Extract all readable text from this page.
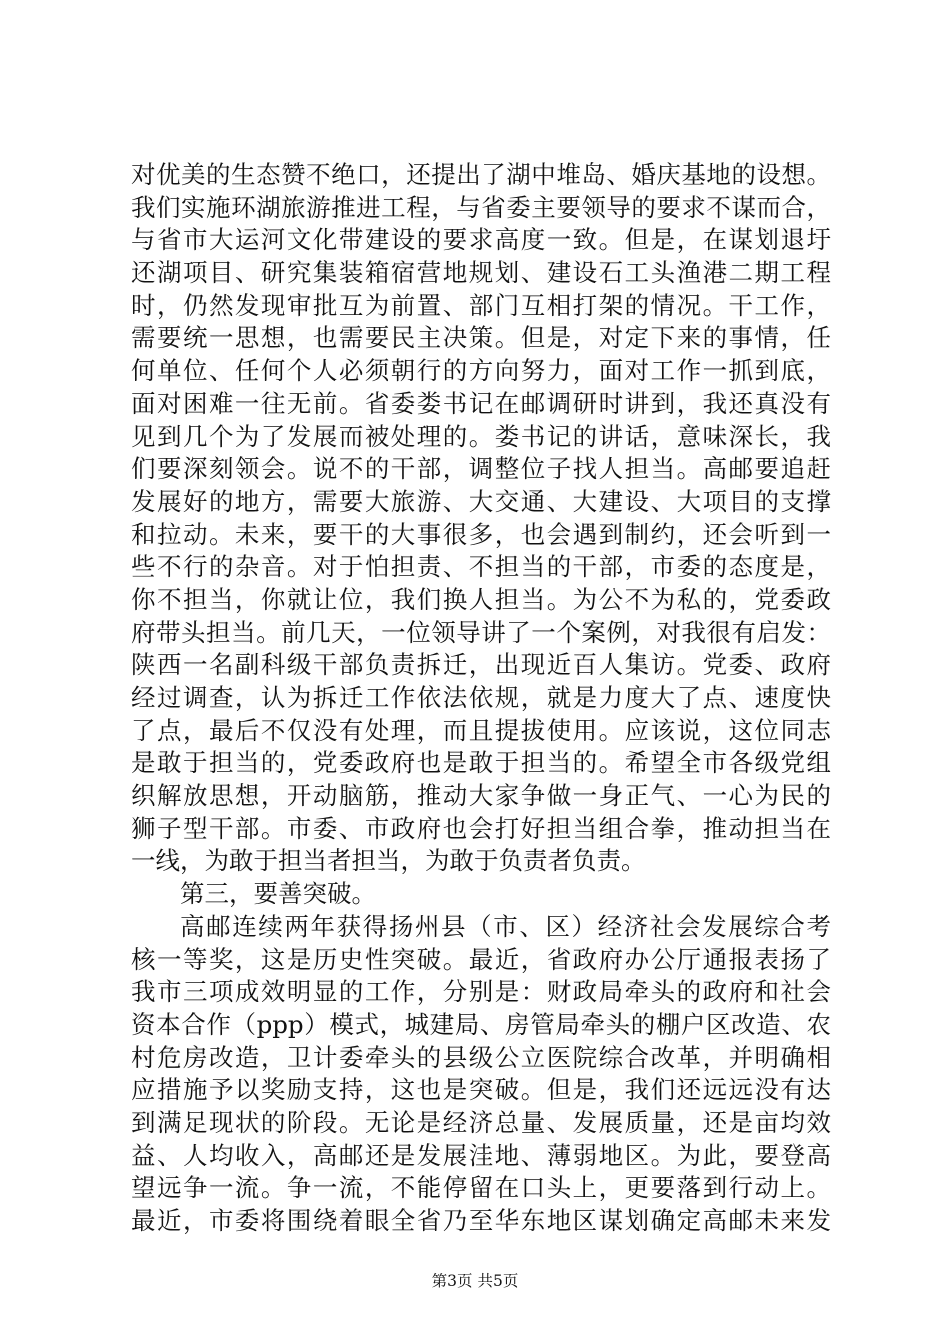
对优美的生态赞不绝口，还提出了湖中堆岛、婚庆基地的设想。
我们实施环湖旅游推进工程，与省委主要领导的要求不谋而合，
与省市大运河文化带建设的要求高度一致。但是，在谋划退圩
还湖项目、研究集装箱宿营地规划、建设石工头渔港二期工程
时，仍然发现审批互为前置、部门互相打架的情况。干工作，
需要统一思想，也需要民主决策。但是，对定下来的事情，任
何单位、任何个人必须朝行的方向努力，面对工作一抓到底，
面对困难一往无前。省委娄书记在邮调研时讲到，我还真没有
见到几个为了发展而被处理的。娄书记的讲话，意味深长，我
们要深刻领会。说不的干部，调整位子找人担当。高邮要追赶
发展好的地方，需要大旅游、大交通、大建设、大项目的支撑
和拉动。未来，要干的大事很多，也会遇到制约，还会听到一
些不行的杂音。对于怕担责、不担当的干部，市委的态度是，
你不担当，你就让位，我们换人担当。为公不为私的，党委政
府带头担当。前几天，一位领导讲了一个案例，对我很有启发：
陕西一名副科级干部负责拆迁，出现近百人集访。党委、政府
经过调查，认为拆迁工作依法依规，就是力度大了点、速度快
了点，最后不仅没有处理，而且提拔使用。应该说，这位同志
是敢于担当的，党委政府也是敢于担当的。希望全市各级党组
织解放思想，开动脑筋，推动大家争做一身正气、一心为民的
狮子型干部。市委、市政府也会打好担当组合拳，推动担当在
一线，为敢于担当者担当，为敢于负责者负责。
第三，要善突破。
高邮连续两年获得扬州县（市、区）经济社会发展综合考
核一等奖，这是历史性突破。最近，省政府办公厅通报表扬了
我市三项成效明显的工作，分别是：财政局牵头的政府和社会
资本合作（ppp）模式，城建局、房管局牵头的棚户区改造、农
村危房改造，卫计委牵头的县级公立医院综合改革，并明确相
应措施予以奖励支持，这也是突破。但是，我们还远远没有达
到满足现状的阶段。无论是经济总量、发展质量，还是亩均效
益、人均收入，高邮还是发展洼地、薄弱地区。为此，要登高
望远争一流。争一流，不能停留在口头上，更要落到行动上。
最近，市委将围绕着眼全省乃至华东地区谋划确定高邮未来发
第3页 共5页
